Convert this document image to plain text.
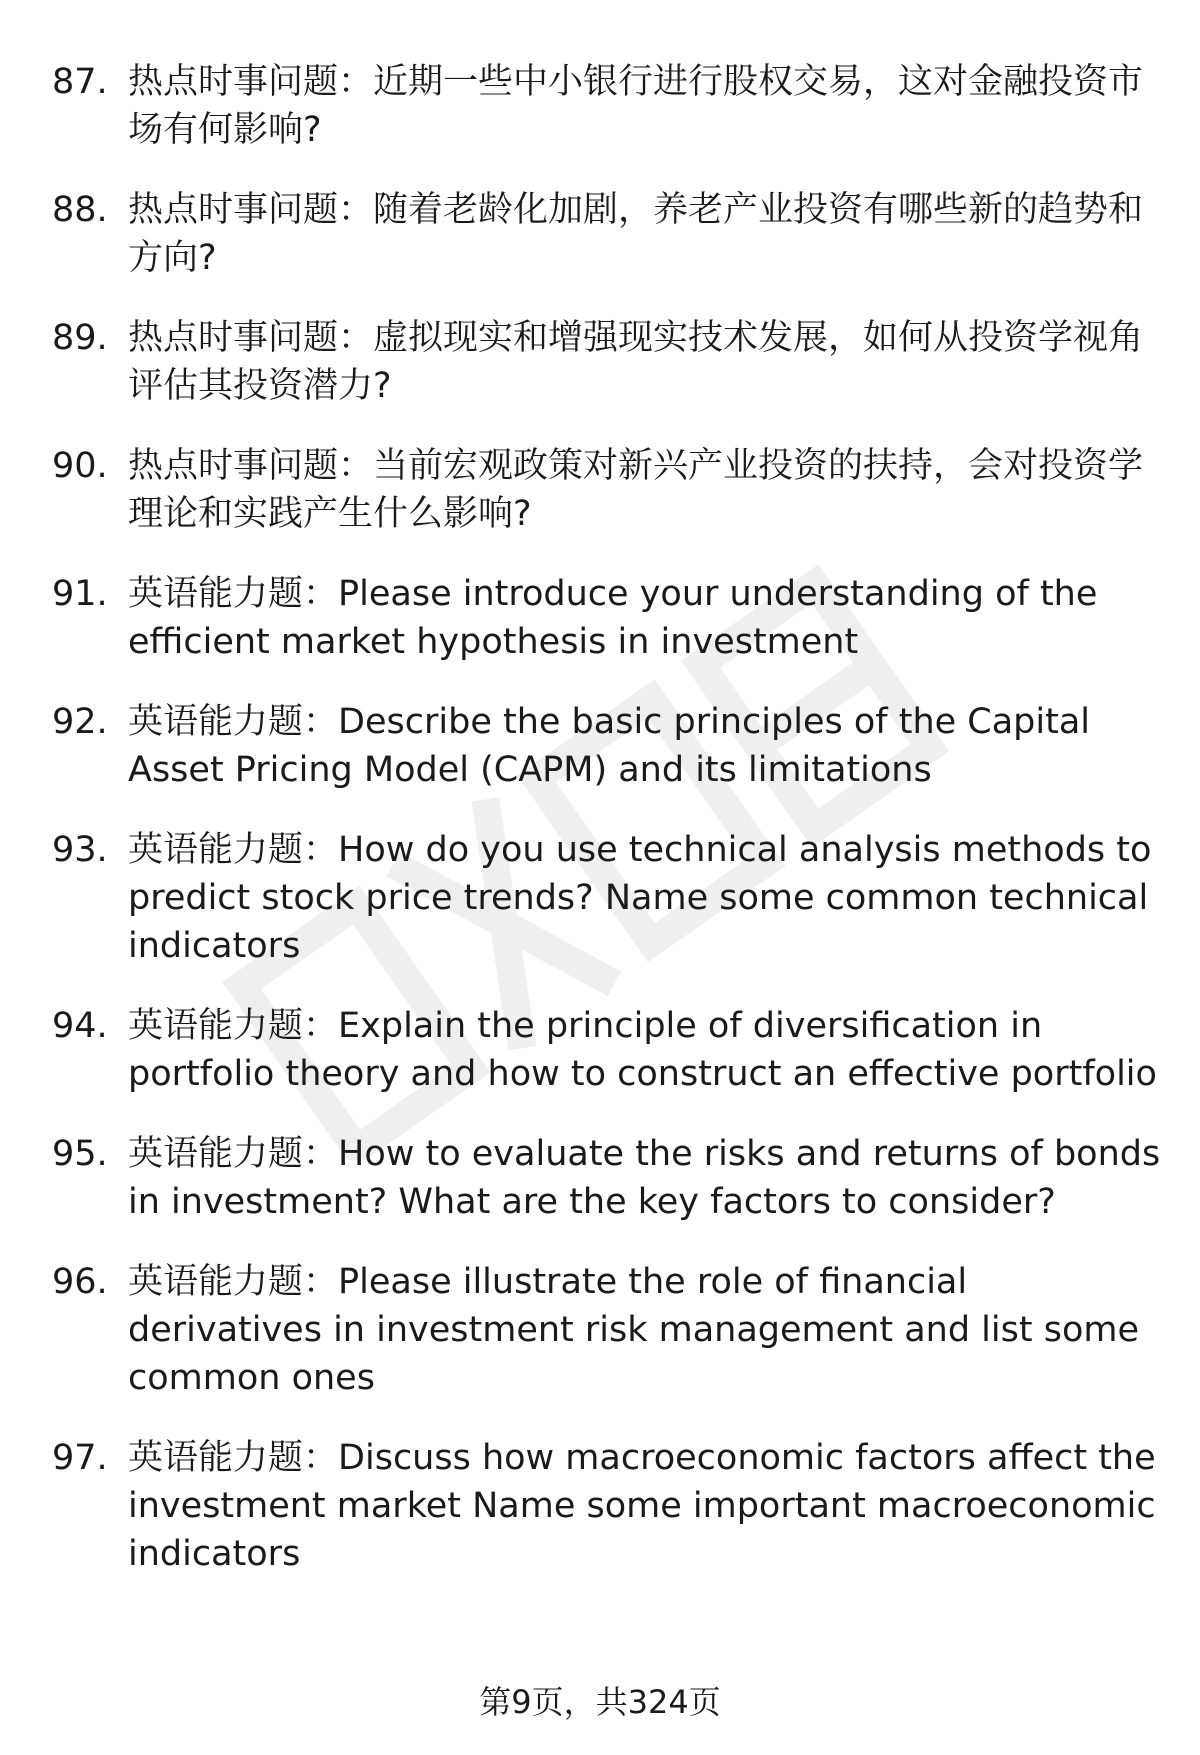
87. 热点时事问题：近期一些中小银行进行股权交易，这对金融投资市场有何影响?
88. 热点时事问题：随着老龄化加剧，养老产业投资有哪些新的趋势和方向?
89. 热点时事问题：虚拟现实和增强现实技术发展，如何从投资学视角评估其投资潜力?
90. 热点时事问题：当前宏观政策对新兴产业投资的扶持，会对投资学理论和实践产生什么影响?
91. 英语能力题：Please introduce your understanding of the efficient market hypothesis in investment
92. 英语能力题：Describe the basic principles of the Capital Asset Pricing Model (CAPM) and its limitations
93. 英语能力题：How do you use technical analysis methods to predict stock price trends? Name some common technical indicators
94. 英语能力题：Explain the principle of diversification in portfolio theory and how to construct an effective portfolio
95. 英语能力题：How to evaluate the risks and returns of bonds in investment? What are the key factors to consider?
96. 英语能力题：Please illustrate the role of financial derivatives in investment risk management and list some common ones
97. 英语能力题：Discuss how macroeconomic factors affect the investment market Name some important macroeconomic indicators
第9页，共324页
